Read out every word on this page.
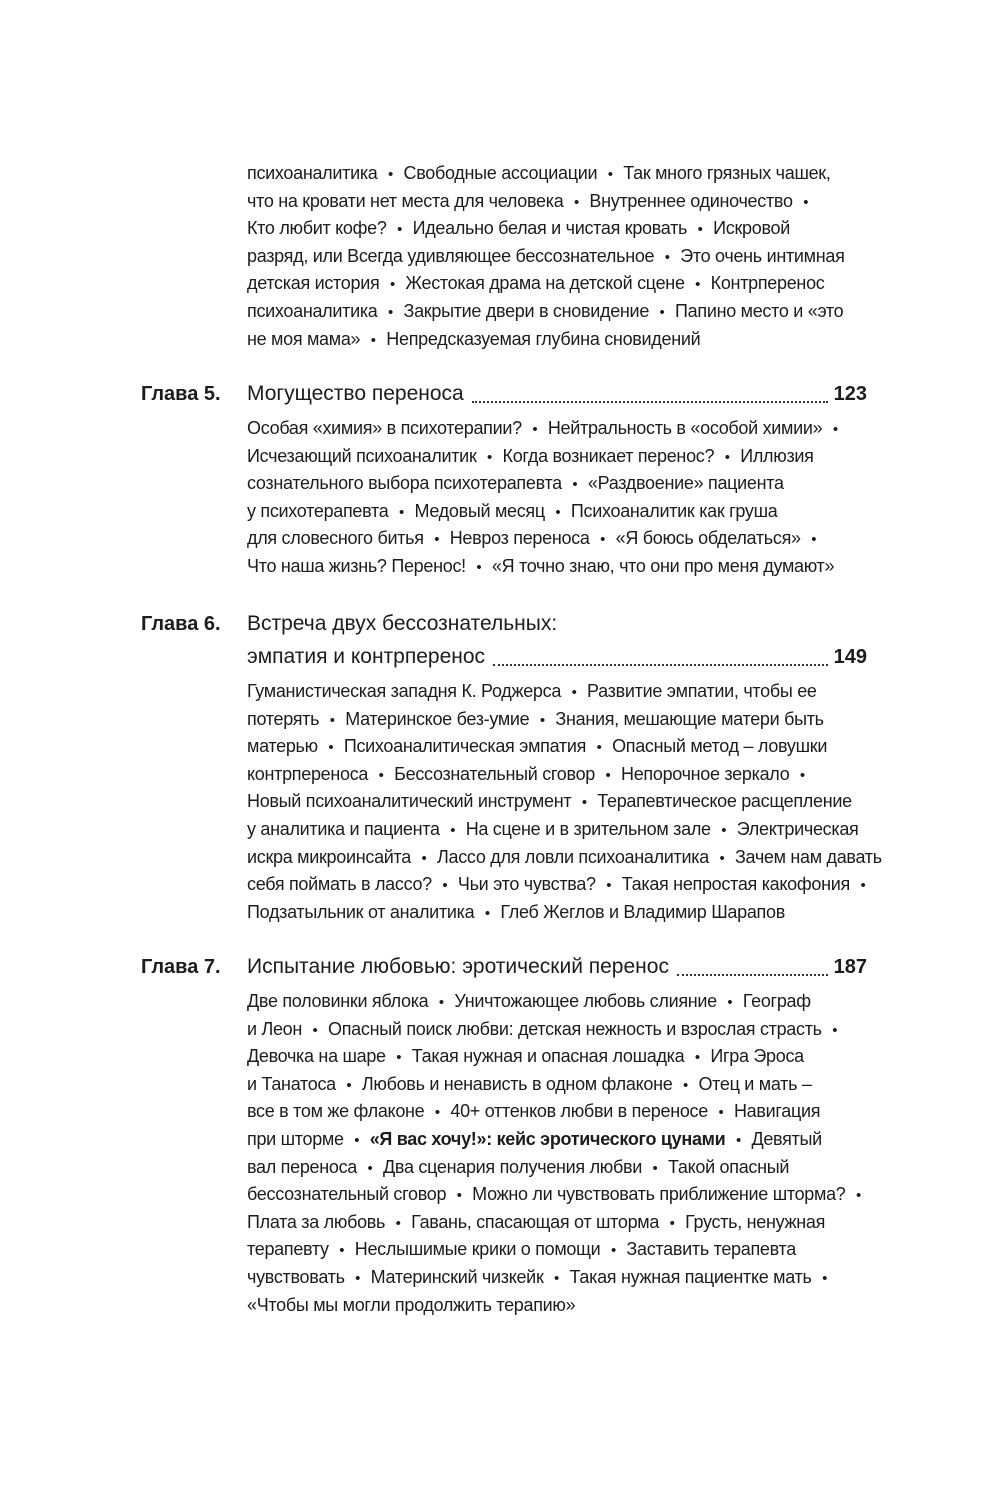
психоаналитика • Свободные ассоциации • Так много грязных чашек,
что на кровати нет места для человека • Внутреннее одиночество •
Кто любит кофе? • Идеально белая и чистая кровать • Искровой
разряд, или Всегда удивляющее бессознательное • Это очень интимная
детская история • Жестокая драма на детской сцене • Контрперенос
психоаналитика • Закрытие двери в сновидение • Папино место и «это
не моя мама» • Непредсказуемая глубина сновидений
Глава 5. Могущество переноса	123
Особая «химия» в психотерапии? • Нейтральность в «особой химии» •
Исчезающий психоаналитик • Когда возникает перенос? • Иллюзия
сознательного выбора психотерапевта • «Раздвоение» пациента
у психотерапевта • Медовый месяц • Психоаналитик как груша
для словесного битья • Невроз переноса • «Я боюсь обделаться» •
Что наша жизнь? Перенос! • «Я точно знаю, что они про меня думают»
Глава 6. Встреча двух бессознательных:
эмпатия и контрперенос	149
Гуманистическая западня К. Роджерса • Развитие эмпатии, чтобы ее
потерять • Материнское без-умие • Знания, мешающие матери быть
матерью • Психоаналитическая эмпатия • Опасный метод – ловушки
контрпереноса • Бессознательный сговор • Непорочное зеркало •
Новый психоаналитический инструмент • Терапевтическое расщепление
у аналитика и пациента • На сцене и в зрительном зале • Электрическая
искра микроинсайта • Лассо для ловли психоаналитика • Зачем нам давать
себя поймать в лассо? • Чьи это чувства? • Такая непростая какофония •
Подзатыльник от аналитика • Глеб Жеглов и Владимир Шарапов
Глава 7. Испытание любовью: эротический перенос	187
Две половинки яблока • Уничтожающее любовь слияние • Географ
и Леон • Опасный поиск любви: детская нежность и взрослая страсть •
Девочка на шаре • Такая нужная и опасная лошадка • Игра Эроса
и Танатоса • Любовь и ненависть в одном флаконе • Отец и мать –
все в том же флаконе • 40+ оттенков любви в переносе • Навигация
при шторме • «Я вас хочу!»: кейс эротического цунами • Девятый
вал переноса • Два сценария получения любви • Такой опасный
бессознательный сговор • Можно ли чувствовать приближение шторма? •
Плата за любовь • Гавань, спасающая от шторма • Грусть, ненужная
терапевту • Неслышимые крики о помощи • Заставить терапевта
чувствовать • Материнский чизкейк • Такая нужная пациентке мать •
«Чтобы мы могли продолжить терапию»
